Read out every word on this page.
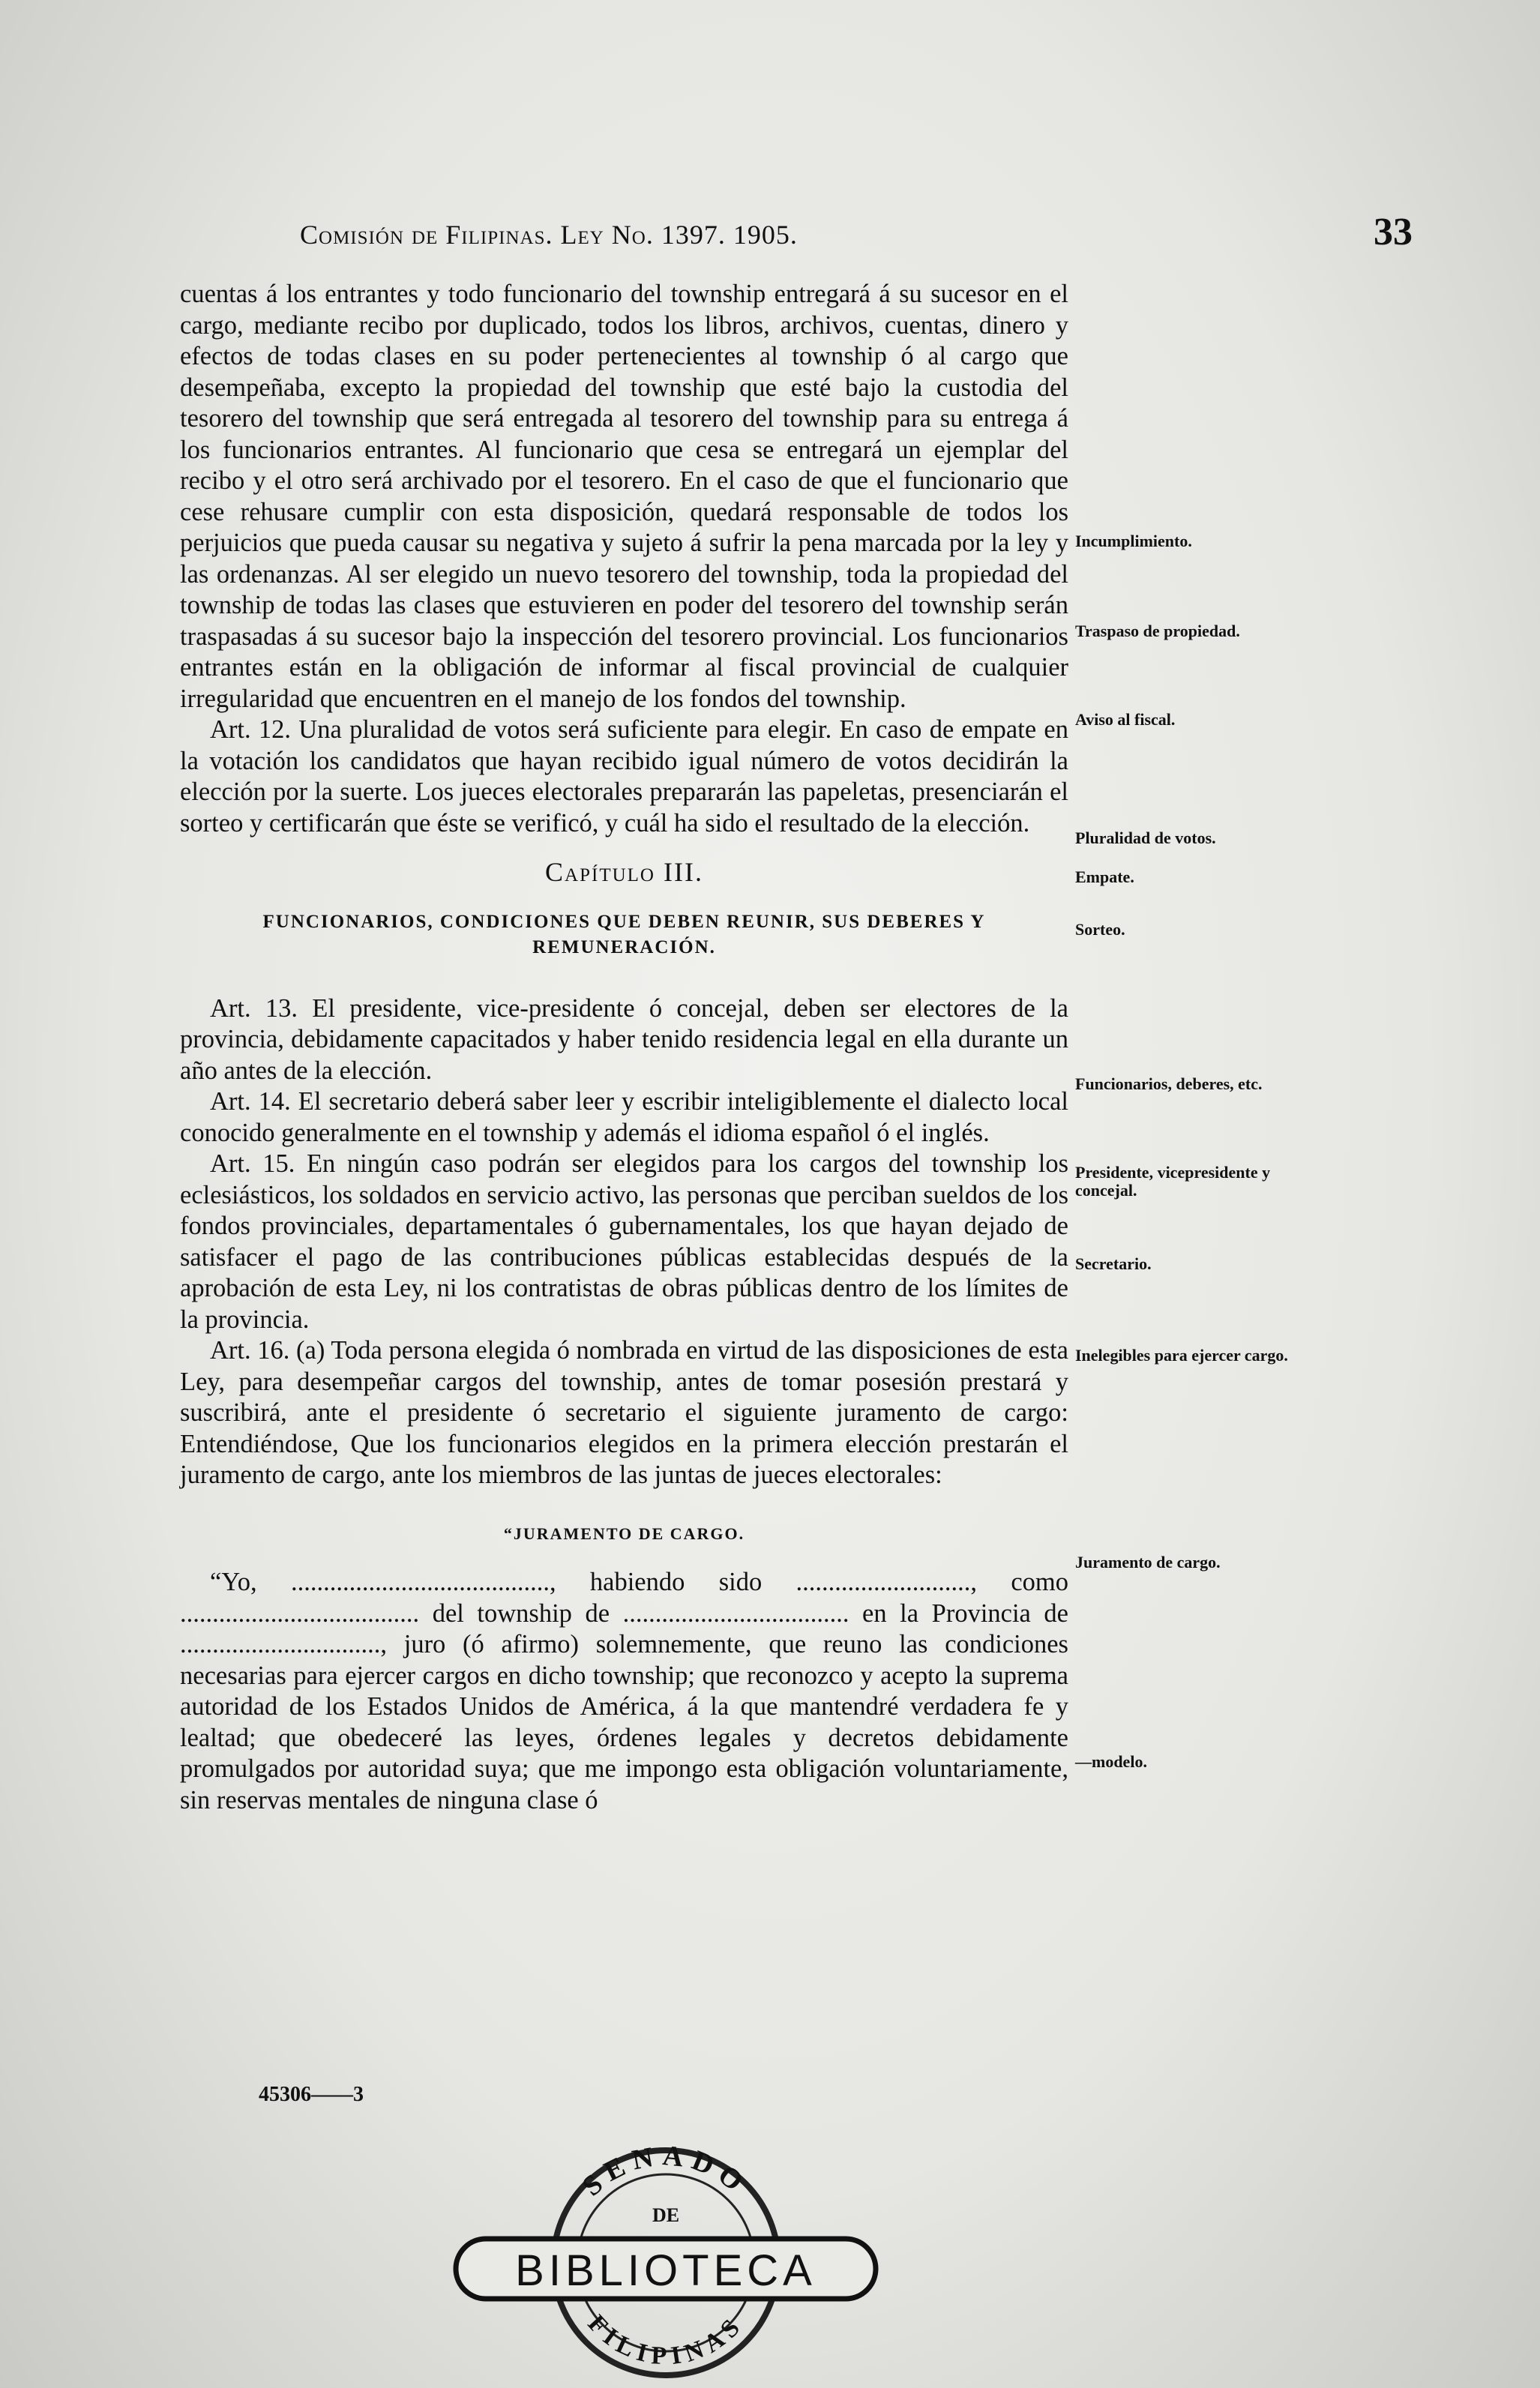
Comisión de Filipinas. Ley No. 1397. 1905.	33

cuentas á los entrantes y todo funcionario del township entregará á su sucesor en el cargo, mediante recibo por duplicado, todos los libros, archivos, cuentas, dinero y efectos de todas clases en su poder pertenecientes al township ó al cargo que desempeñaba, excepto la propiedad del township que esté bajo la custodia del tesorero del township que será entregada al tesorero del township para su entrega á los funcionarios entrantes. Al funcionario que cesa se entregará un ejemplar del recibo y el otro será archivado por el tesorero. En el caso de que el funcionario que cese rehusare cumplir con esta disposición, quedará responsable de todos los perjuicios que pueda causar su negativa y sujeto á sufrir la pena marcada por la ley y las ordenanzas. Al ser elegido un nuevo tesorero del township, toda la propiedad del township de todas las clases que estuvieren en poder del tesorero del township serán traspasadas á su sucesor bajo la inspección del tesorero provincial. Los funcionarios entrantes están en la obligación de informar al fiscal provincial de cualquier irregularidad que encuentren en el manejo de los fondos del township.

Art. 12. Una pluralidad de votos será suficiente para elegir. En caso de empate en la votación los candidatos que hayan recibido igual número de votos decidirán la elección por la suerte. Los jueces electorales prepararán las papeletas, presenciarán el sorteo y certificarán que éste se verificó, y cuál ha sido el resultado de la elección.

Capítulo III.
FUNCIONARIOS, CONDICIONES QUE DEBEN REUNIR, SUS DEBERES Y REMUNERACIÓN.

Art. 13. El presidente, vice-presidente ó concejal, deben ser electores de la provincia, debidamente capacitados y haber tenido residencia legal en ella durante un año antes de la elección.

Art. 14. El secretario deberá saber leer y escribir inteligiblemente el dialecto local conocido generalmente en el township y además el idioma español ó el inglés.

Art. 15. En ningún caso podrán ser elegidos para los cargos del township los eclesiásticos, los soldados en servicio activo, las personas que perciban sueldos de los fondos provinciales, departamentales ó gubernamentales, los que hayan dejado de satisfacer el pago de las contribuciones públicas establecidas después de la aprobación de esta Ley, ni los contratistas de obras públicas dentro de los límites de la provincia.

Art. 16. (a) Toda persona elegida ó nombrada en virtud de las disposiciones de esta Ley, para desempeñar cargos del township, antes de tomar posesión prestará y suscribirá, ante el presidente ó secretario el siguiente juramento de cargo: Entendiéndose, Que los funcionarios elegidos en la primera elección prestarán el juramento de cargo, ante los miembros de las juntas de jueces electorales:

“JURAMENTO DE CARGO.

“Yo, ........................................, habiendo sido ..........................., como ..................................... del township de ................................... en la Provincia de ..............................., juro (ó afirmo) solemnemente, que reuno las condiciones necesarias para ejercer cargos en dicho township; que reconozco y acepto la suprema autoridad de los Estados Unidos de América, á la que mantendré verdadera fe y lealtad; que obedeceré las leyes, órdenes legales y decretos debidamente promulgados por autoridad suya; que me impongo esta obligación voluntariamente, sin reservas mentales de ninguna clase ó

45306——3
Incumplimiento.
Traspaso de propiedad.
Aviso al fiscal.
Pluralidad de votos.
Empate.
Sorteo.
Funcionarios, deberes, etc.
Presidente, vicepresidente y concejal.
Secretario.
Inelegibles para ejercer cargo.
Juramento de cargo.
—modelo.
SENADO
DE
BIBLIOTECA
FILIPINAS
